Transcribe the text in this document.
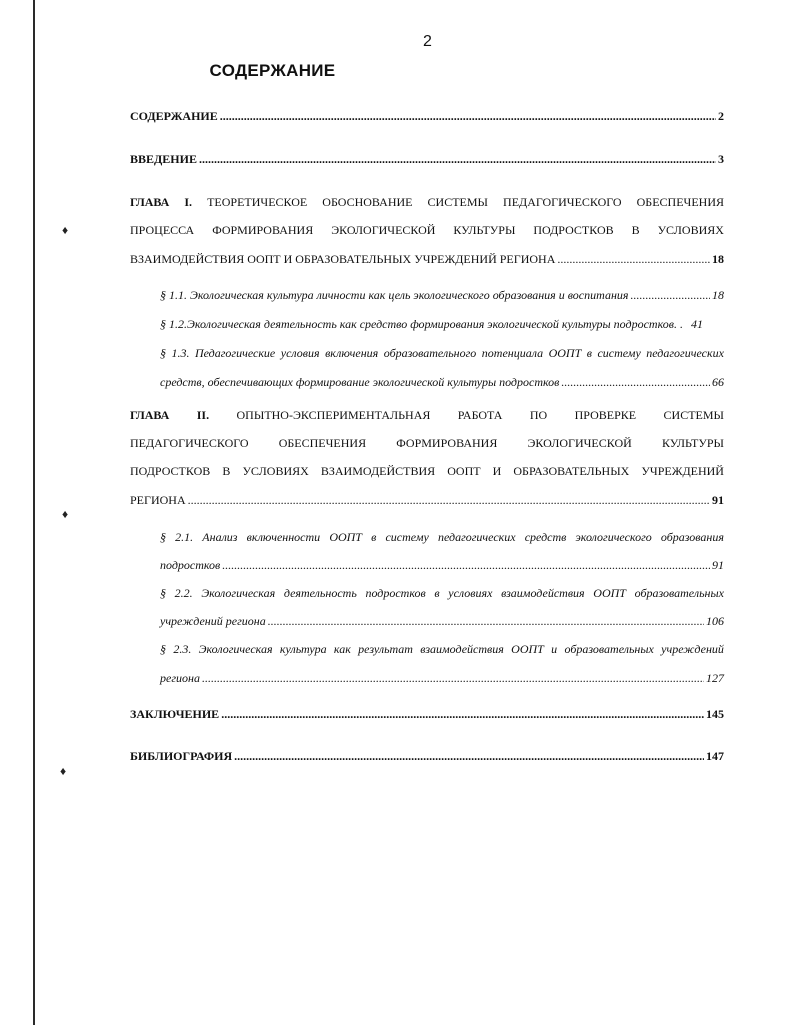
♦
♦
♦
2
СОДЕРЖАНИЕ
СОДЕРЖАНИЕ .....	2
ВВЕДЕНИЕ .....	3
ГЛАВА I. ТЕОРЕТИЧЕСКОЕ ОБОСНОВАНИЕ СИСТЕМЫ ПЕДАГОГИЧЕСКОГО ОБЕСПЕЧЕНИЯ
ПРОЦЕССА ФОРМИРОВАНИЯ ЭКОЛОГИЧЕСКОЙ КУЛЬТУРЫ ПОДРОСТКОВ В УСЛОВИЯХ
ВЗАИМОДЕЙСТВИЯ ООПТ И ОБРАЗОВАТЕЛЬНЫХ УЧРЕЖДЕНИЙ РЕГИОНА .....	18
§ 1.1. Экологическая культура личности как цель экологического образования и воспитания .....	18
§ 1.2.Экологическая деятельность как средство формирования экологической культуры подростков. . 41
§ 1.3. Педагогические условия включения образовательного потенциала ООПТ в систему педагогических
средств, обеспечивающих формирование экологической культуры подростков .....	66
ГЛАВА II. ОПЫТНО-ЭКСПЕРИМЕНТАЛЬНАЯ РАБОТА ПО ПРОВЕРКЕ СИСТЕМЫ
ПЕДАГОГИЧЕСКОГО	ОБЕСПЕЧЕНИЯ	ФОРМИРОВАНИЯ	ЭКОЛОГИЧЕСКОЙ	КУЛЬТУРЫ
ПОДРОСТКОВ В УСЛОВИЯХ ВЗАИМОДЕЙСТВИЯ ООПТ И ОБРАЗОВАТЕЛЬНЫХ УЧРЕЖДЕНИЙ
РЕГИОНА .....	91
§ 2.1. Анализ включенности ООПТ в систему педагогических средств экологического образования
подростков .....	91
§ 2.2. Экологическая деятельность подростков в условиях взаимодействия ООПТ образовательных
учреждений региона .....	106
§ 2.3. Экологическая культура как результат взаимодействия ООПТ и образовательных учреждений
региона .....	127
ЗАКЛЮЧЕНИЕ .....	145
БИБЛИОГРАФИЯ .....	147
